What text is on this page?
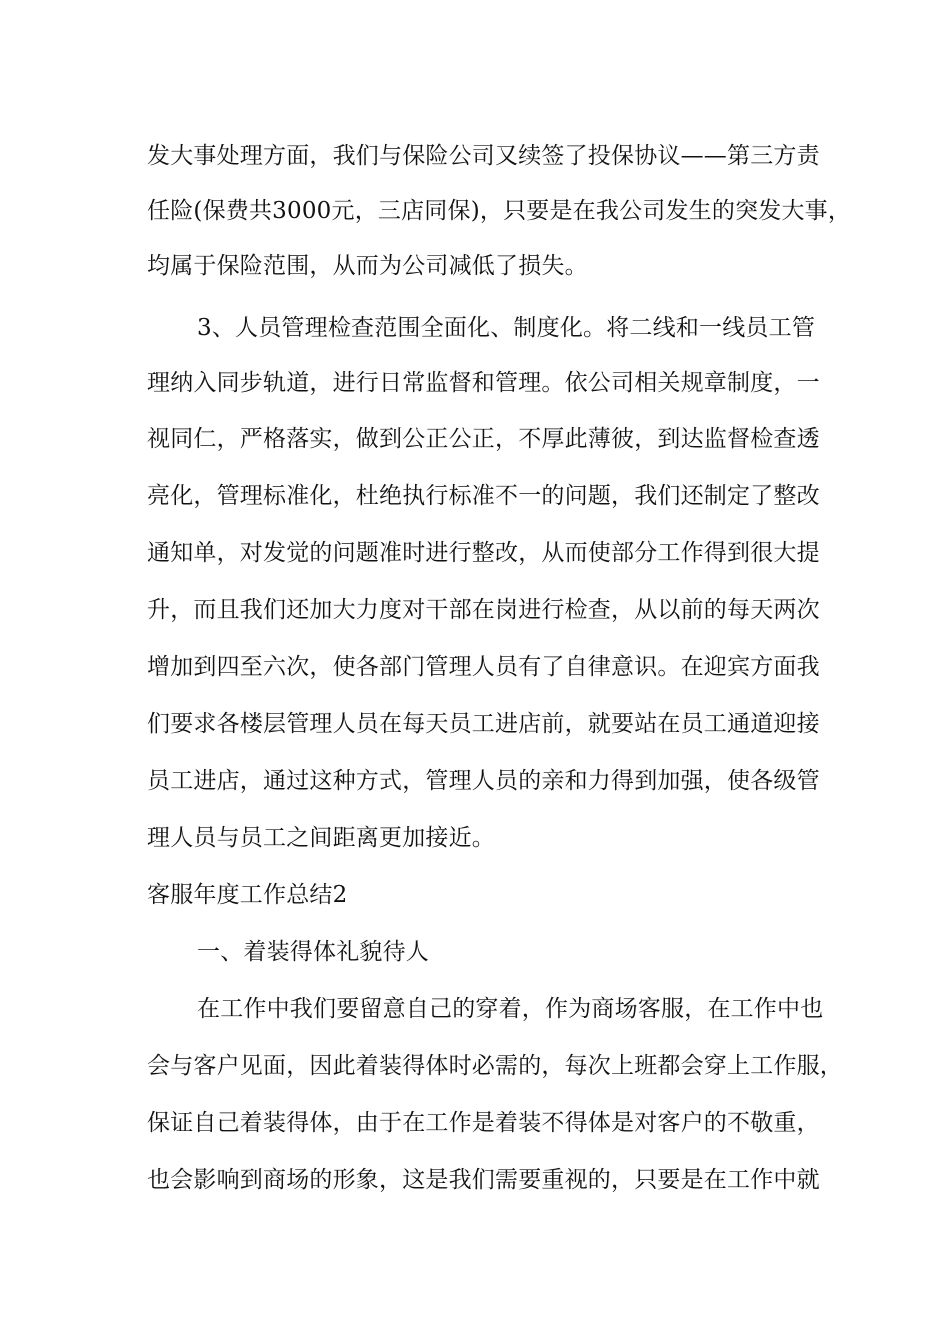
发大事处理方面，我们与保险公司又续签了投保协议——第三方责
任险(保费共3000元，三店同保)，只要是在我公司发生的突发大事，
均属于保险范围，从而为公司减低了损失。
3、人员管理检查范围全面化、制度化。将二线和一线员工管
理纳入同步轨道，进行日常监督和管理。依公司相关规章制度，一
视同仁，严格落实，做到公正公正，不厚此薄彼，到达监督检查透
亮化，管理标准化，杜绝执行标准不一的问题，我们还制定了整改
通知单，对发觉的问题准时进行整改，从而使部分工作得到很大提
升，而且我们还加大力度对干部在岗进行检查，从以前的每天两次
增加到四至六次，使各部门管理人员有了自律意识。在迎宾方面我
们要求各楼层管理人员在每天员工进店前，就要站在员工通道迎接
员工进店，通过这种方式，管理人员的亲和力得到加强，使各级管
理人员与员工之间距离更加接近。
客服年度工作总结2
一、着装得体礼貌待人
在工作中我们要留意自己的穿着，作为商场客服，在工作中也
会与客户见面，因此着装得体时必需的，每次上班都会穿上工作服，
保证自己着装得体，由于在工作是着装不得体是对客户的不敬重，
也会影响到商场的形象，这是我们需要重视的，只要是在工作中就
